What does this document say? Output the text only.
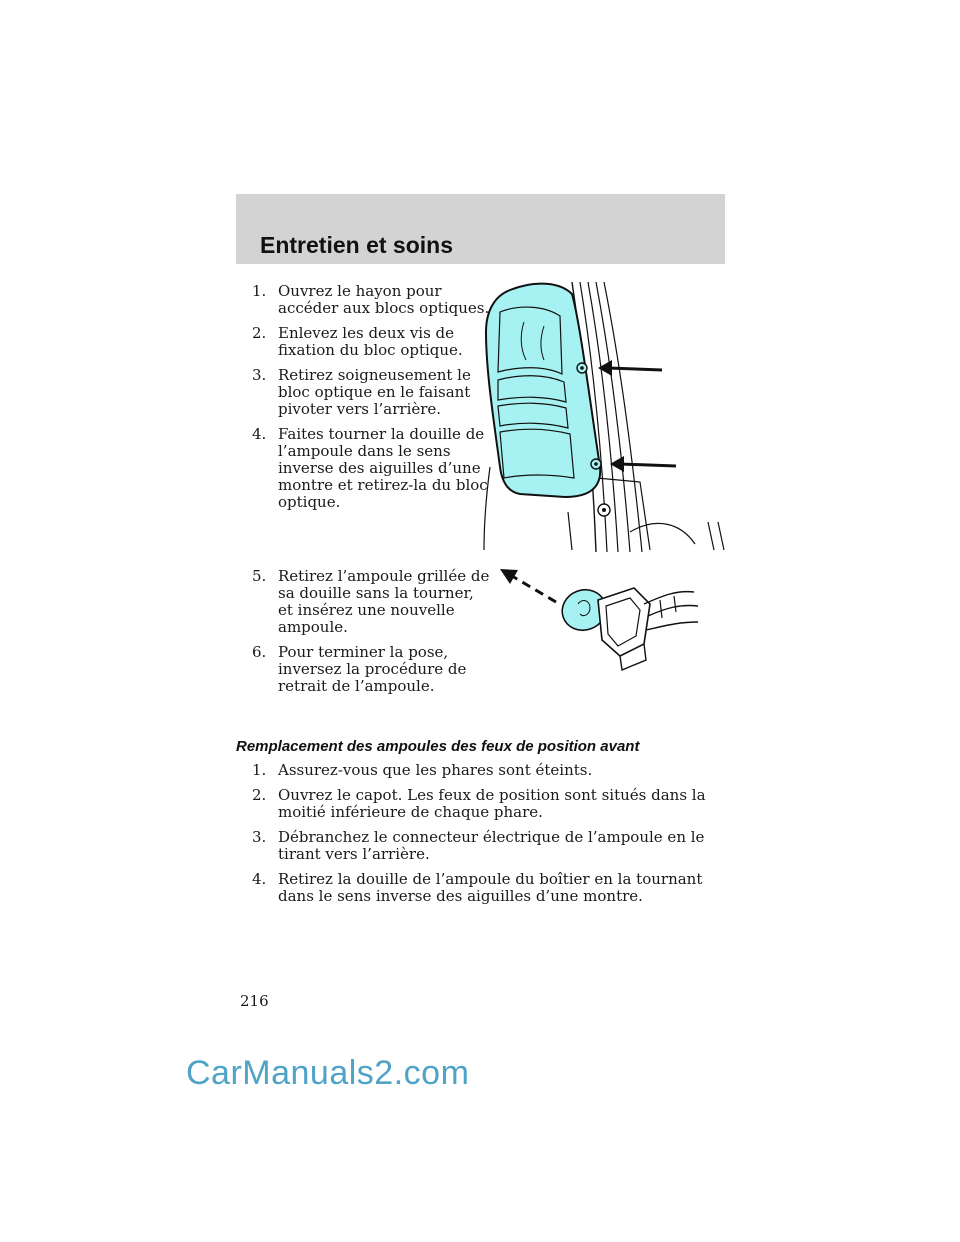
Entretien et soins
1. Ouvrez le hayon pour accéder aux blocs optiques.
2. Enlevez les deux vis de fixation du bloc optique.
3. Retirez soigneusement le bloc optique en le faisant pivoter vers l’arrière.
4. Faites tourner la douille de l’ampoule dans le sens inverse des aiguilles d’une montre et retirez-la du bloc optique.
5. Retirez l’ampoule grillée de sa douille sans la tourner, et insérez une nouvelle ampoule.
6. Pour terminer la pose, inversez la procédure de retrait de l’ampoule.
Remplacement des ampoules des feux de position avant
1. Assurez-vous que les phares sont éteints.
2. Ouvrez le capot. Les feux de position sont situés dans la moitié inférieure de chaque phare.
3. Débranchez le connecteur électrique de l’ampoule en le tirant vers l’arrière.
4. Retirez la douille de l’ampoule du boîtier en la tournant dans le sens inverse des aiguilles d’une montre.
216
CarManuals2.com
